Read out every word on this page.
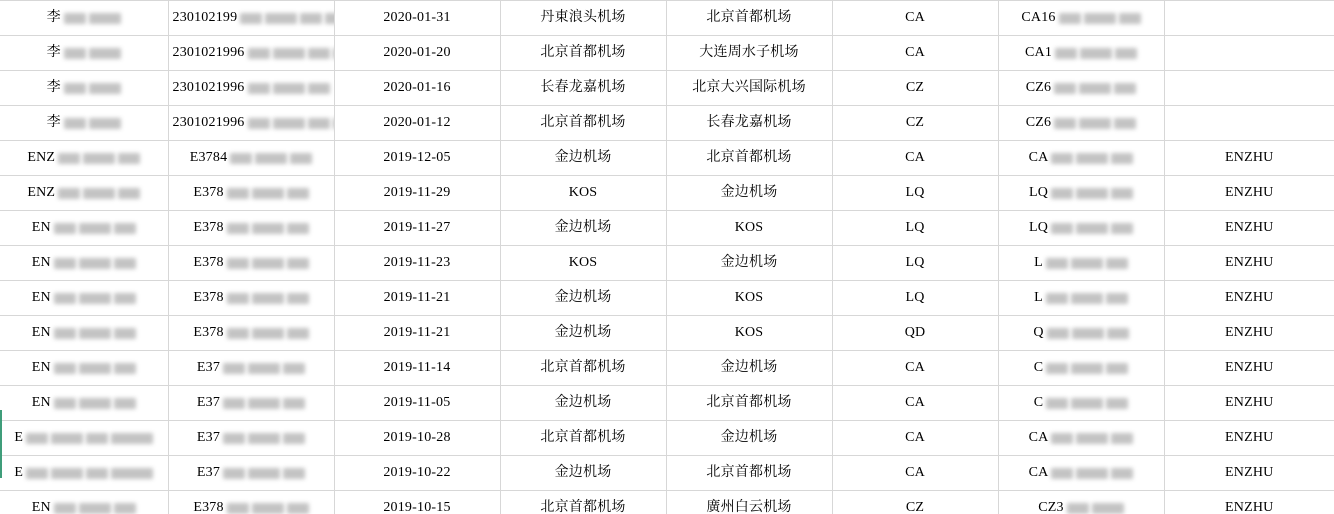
李	230102199	2020-01-31	丹東浪头机场	北京首都机场	CA	CA16	

李	2301021996	2020-01-20	北京首都机场	大连周水子机场	CA	CA1	

李	2301021996	2020-01-16	长春龙嘉机场	北京大兴国际机场	CZ	CZ6	

李	2301021996	2020-01-12	北京首都机场	长春龙嘉机场	CZ	CZ6	

ENZ	E3784	2019-12-05	金边机场	北京首都机场	CA	CA	ENZHU

ENZ	E378	2019-11-29	KOS	金边机场	LQ	LQ	ENZHU

EN	E378	2019-11-27	金边机场	KOS	LQ	LQ	ENZHU

EN	E378	2019-11-23	KOS	金边机场	LQ	L	ENZHU

EN	E378	2019-11-21	金边机场	KOS	LQ	L	ENZHU

EN	E378	2019-11-21	金边机场	KOS	QD	Q	ENZHU

EN	E37	2019-11-14	北京首都机场	金边机场	CA	C	ENZHU

EN	E37	2019-11-05	金边机场	北京首都机场	CA	C	ENZHU

E	E37	2019-10-28	北京首都机场	金边机场	CA	CA	ENZHU

E	E37	2019-10-22	金边机场	北京首都机场	CA	CA	ENZHU

EN	E378	2019-10-15	北京首都机场	廣州白云机场	CZ	CZ3	ENZHU
